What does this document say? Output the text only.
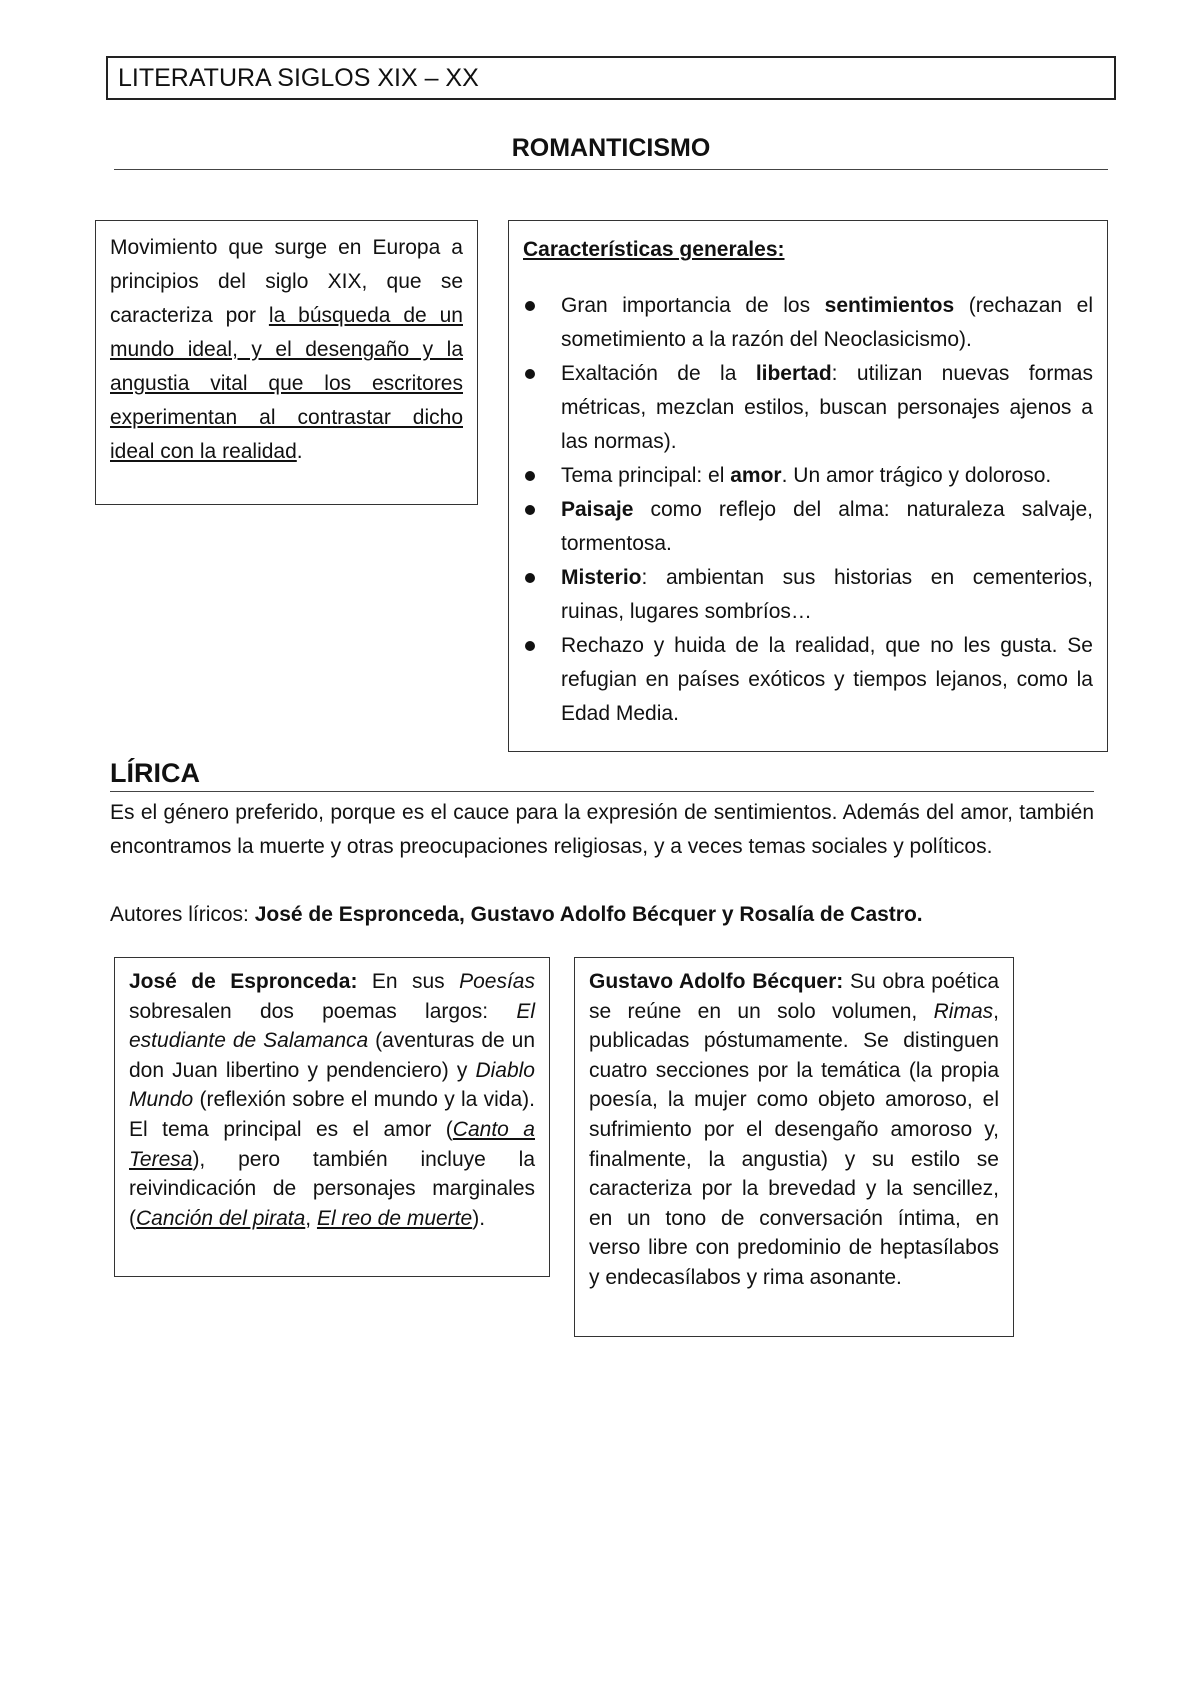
LITERATURA SIGLOS XIX – XX
ROMANTICISMO

Movimiento que surge en Europa a principios del siglo XIX, que se caracteriza por la búsqueda de un mundo ideal, y el desengaño y la angustia vital que los escritores experimentan al contrastar dicho ideal con la realidad.

Características generales:

Gran importancia de los sentimientos (rechazan el sometimiento a la razón del Neoclasicismo).
Exaltación de la libertad: utilizan nuevas formas métricas, mezclan estilos, buscan personajes ajenos a las normas).
Tema principal: el amor. Un amor trágico y doloroso.
Paisaje como reflejo del alma: naturaleza salvaje, tormentosa.
Misterio: ambientan sus historias en cementerios, ruinas, lugares sombríos…
Rechazo y huida de la realidad, que no les gusta. Se refugian en países exóticos y tiempos lejanos, como la Edad Media.
LÍRICA
Es el género preferido, porque es el cauce para la expresión de sentimientos. Además del amor, también encontramos la muerte y otras preocupaciones religiosas, y a veces temas sociales y políticos.
Autores líricos: José de Espronceda, Gustavo Adolfo Bécquer y Rosalía de Castro.

José de Espronceda: En sus Poesías sobresalen dos poemas largos: El estudiante de Salamanca (aventuras de un don Juan libertino y pendenciero) y Diablo Mundo (reflexión sobre el mundo y la vida). El tema principal es el amor (Canto a Teresa), pero también incluye la reivindicación de personajes marginales (Canción del pirata, El reo de muerte).

Gustavo Adolfo Bécquer: Su obra poética se reúne en un solo volumen, Rimas, publicadas póstumamente. Se distinguen cuatro secciones por la temática (la propia poesía, la mujer como objeto amoroso, el sufrimiento por el desengaño amoroso y, finalmente, la angustia) y su estilo se caracteriza por la brevedad y la sencillez, en un tono de conversación íntima, en verso libre con predominio de heptasílabos y endecasílabos y rima asonante.
